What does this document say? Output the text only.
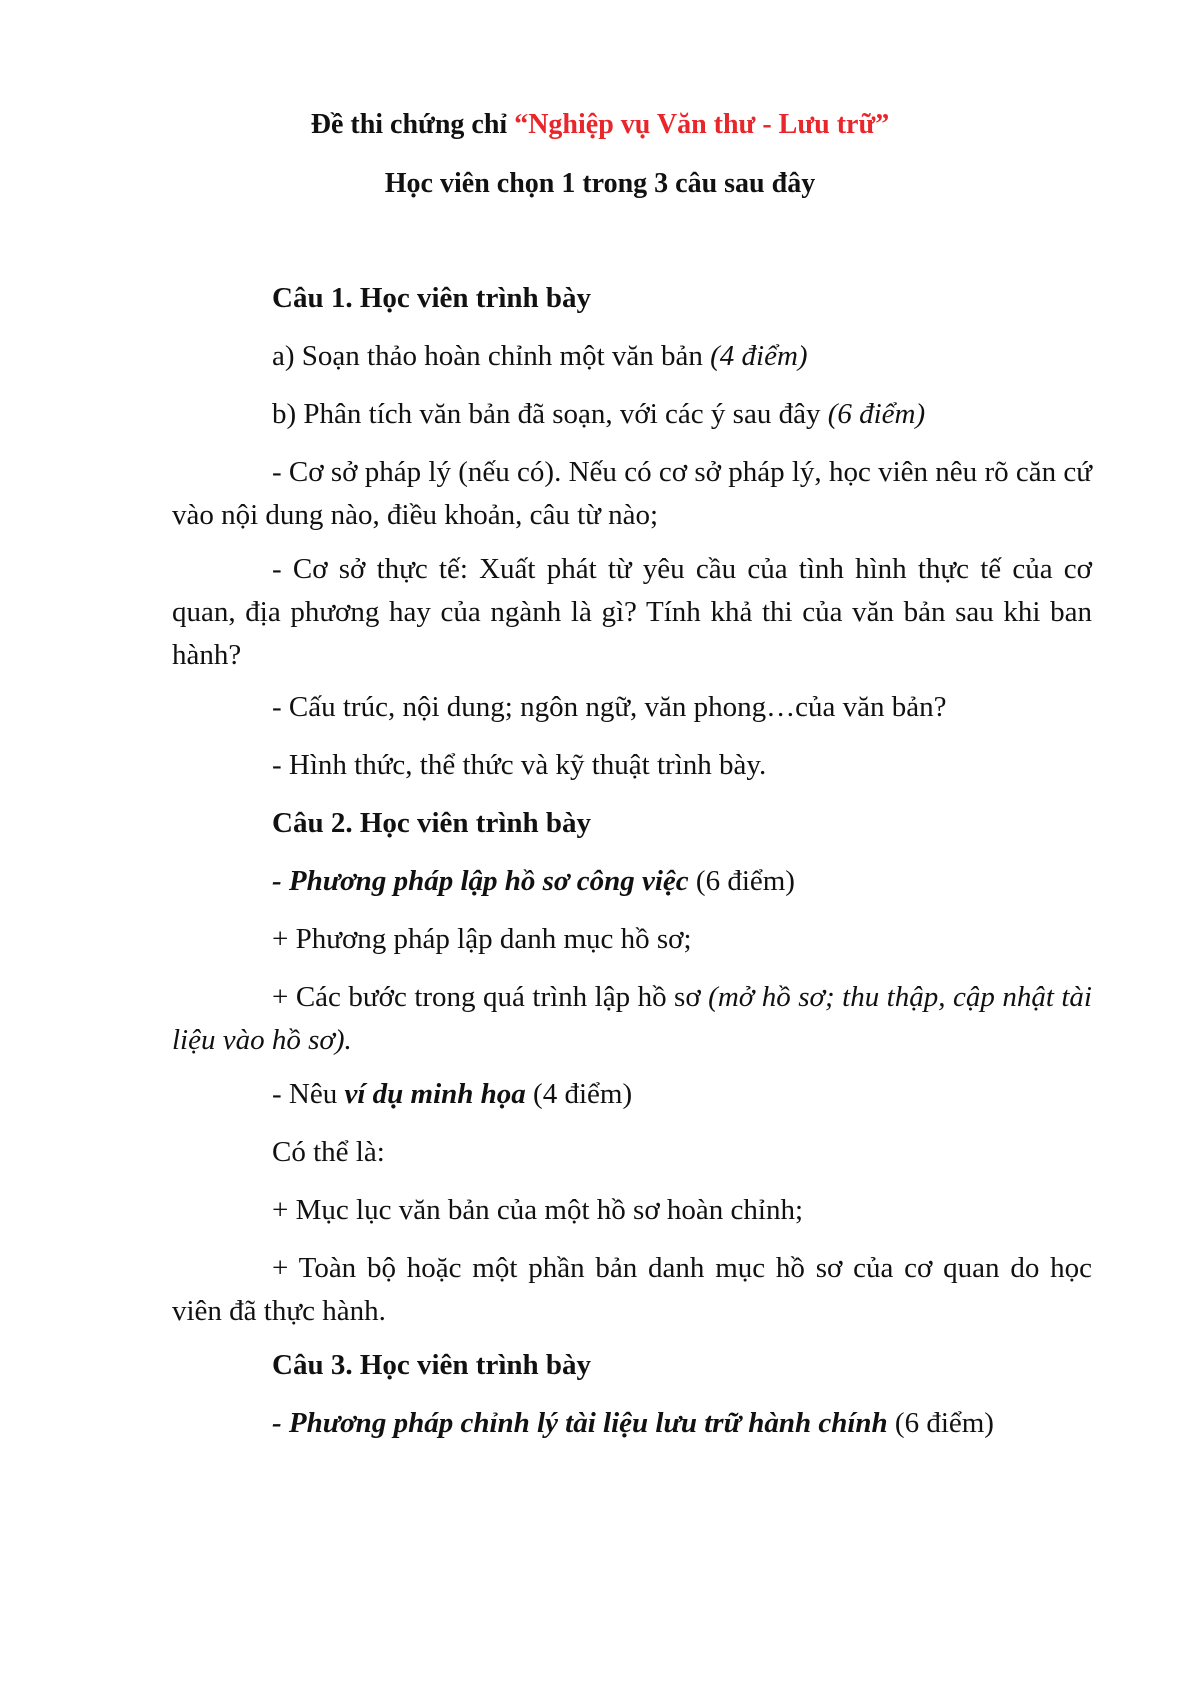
Đề thi chứng chỉ “Nghiệp vụ Văn thư - Lưu trữ”
Học viên chọn 1 trong 3 câu sau đây
Câu 1. Học viên trình bày
a) Soạn thảo hoàn chỉnh một văn bản (4 điểm)
b) Phân tích văn bản đã soạn, với các ý sau đây (6 điểm)
- Cơ sở pháp lý (nếu có). Nếu có cơ sở pháp lý, học viên nêu rõ căn cứ vào nội dung nào, điều khoản, câu từ nào;
- Cơ sở thực tế: Xuất phát từ yêu cầu của tình hình thực tế của cơ quan, địa phương hay của ngành là gì? Tính khả thi của văn bản sau khi ban hành?
- Cấu trúc, nội dung; ngôn ngữ, văn phong…của văn bản?
- Hình thức, thể thức và kỹ thuật trình bày.
Câu 2. Học viên trình bày
- Phương pháp lập hồ sơ công việc (6 điểm)
+ Phương pháp lập danh mục hồ sơ;
+ Các bước trong quá trình lập hồ sơ (mở hồ sơ; thu thập, cập nhật tài liệu vào hồ sơ).
- Nêu ví dụ minh họa (4 điểm)
Có thể là:
+ Mục lục văn bản của một hồ sơ hoàn chỉnh;
+ Toàn bộ hoặc một phần bản danh mục hồ sơ của cơ quan do học viên đã thực hành.
Câu 3. Học viên trình bày
- Phương pháp chỉnh lý tài liệu lưu trữ hành chính (6 điểm)
